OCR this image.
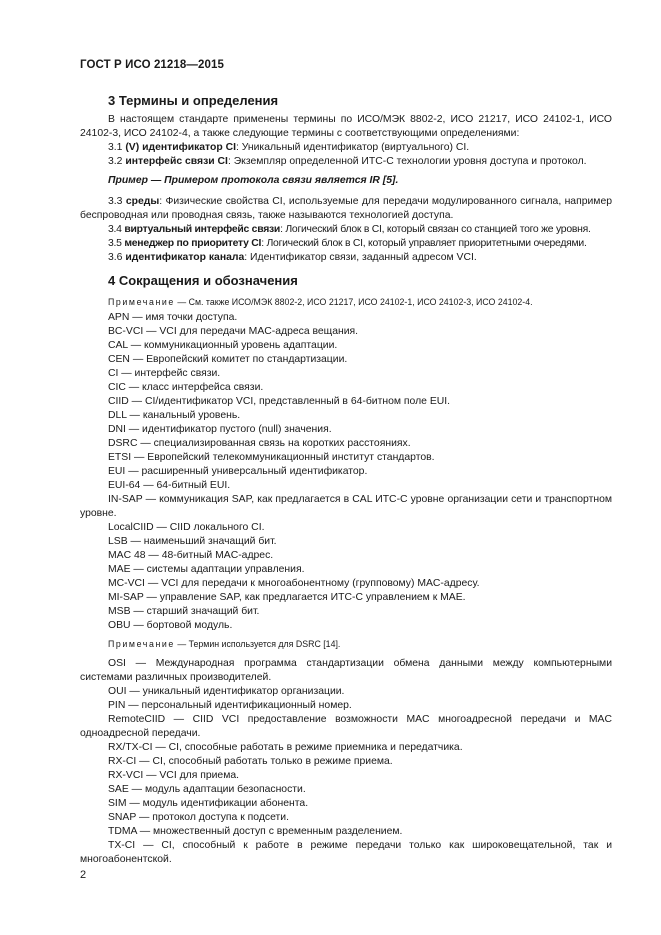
ГОСТ Р ИСО 21218—2015
3 Термины и определения

В настоящем стандарте применены термины по ИСО/МЭК 8802-2, ИСО 21217, ИСО 24102-1, ИСО 24102-3, ИСО 24102-4, а также следующие термины с соответствующими определениями:

3.1 (V) идентификатор CI: Уникальный идентификатор (виртуального) CI.
3.2 интерфейс связи CI: Экземпляр определенной ИТС-С технологии уровня доступа и протокол.
Пример — Примером протокола связи является IR [5].

3.3 среды: Физические свойства CI, используемые для передачи модулированного сигнала, например беспроводная или проводная связь, также называются технологией доступа.

3.4 виртуальный интерфейс связи: Логический блок в CI, который связан со станцией того же уровня.
3.5 менеджер по приоритету CI: Логический блок в CI, который управляет приоритетными очередями.
3.6 идентификатор канала: Идентификатор связи, заданный адресом VCI.
4 Сокращения и обозначения
Примечание — См. также ИСО/МЭК 8802-2, ИСО 21217, ИСО 24102-1, ИСО 24102-3, ИСО 24102-4.
APN — имя точки доступа.
BC-VCI — VCI для передачи MAC-адреса вещания.
CAL — коммуникационный уровень адаптации.
CEN — Европейский комитет по стандартизации.
CI — интерфейс связи.
CIC — класс интерфейса связи.
CIID — CI/идентификатор VCI, представленный в 64-битном поле EUI.
DLL — канальный уровень.
DNI — идентификатор пустого (null) значения.
DSRC — специализированная связь на коротких расстояниях.
ETSI — Европейский телекоммуникационный институт стандартов.
EUI — расширенный универсальный идентификатор.
EUI-64 — 64-битный EUI.

IN-SAP — коммуникация SAP, как предлагается в CAL ИТС-С уровне организации сети и транспортном уровне.

LocalCIID — CIID локального CI.
LSB — наименьший значащий бит.
MAC 48 — 48-битный MAC-адрес.
MAE — системы адаптации управления.
MC-VCI — VCI для передачи к многоабонентному (групповому) MAC-адресу.
MI-SAP — управление SAP, как предлагается ИТС-С управлением к MAE.
MSB — старший значащий бит.
OBU — бортовой модуль.
Примечание — Термин используется для DSRC [14].

OSI — Международная программа стандартизации обмена данными между компьютерными системами различных производителей.

OUI — уникальный идентификатор организации.
PIN — персональный идентификационный номер.

RemoteCIID — CIID VCI предоставление возможности MAC многоадресной передачи и MAC одноадресной передачи.

RX/TX-CI — CI, способные работать в режиме приемника и передатчика.
RX-CI — CI, способный работать только в режиме приема.
RX-VCI — VCI для приема.
SAE — модуль адаптации безопасности.
SIM — модуль идентификации абонента.
SNAP — протокол доступа к подсети.
TDMA — множественный доступ с временным разделением.

TX-CI — CI, способный к работе в режиме передачи только как широковещательной, так и многоабонентской.

2
